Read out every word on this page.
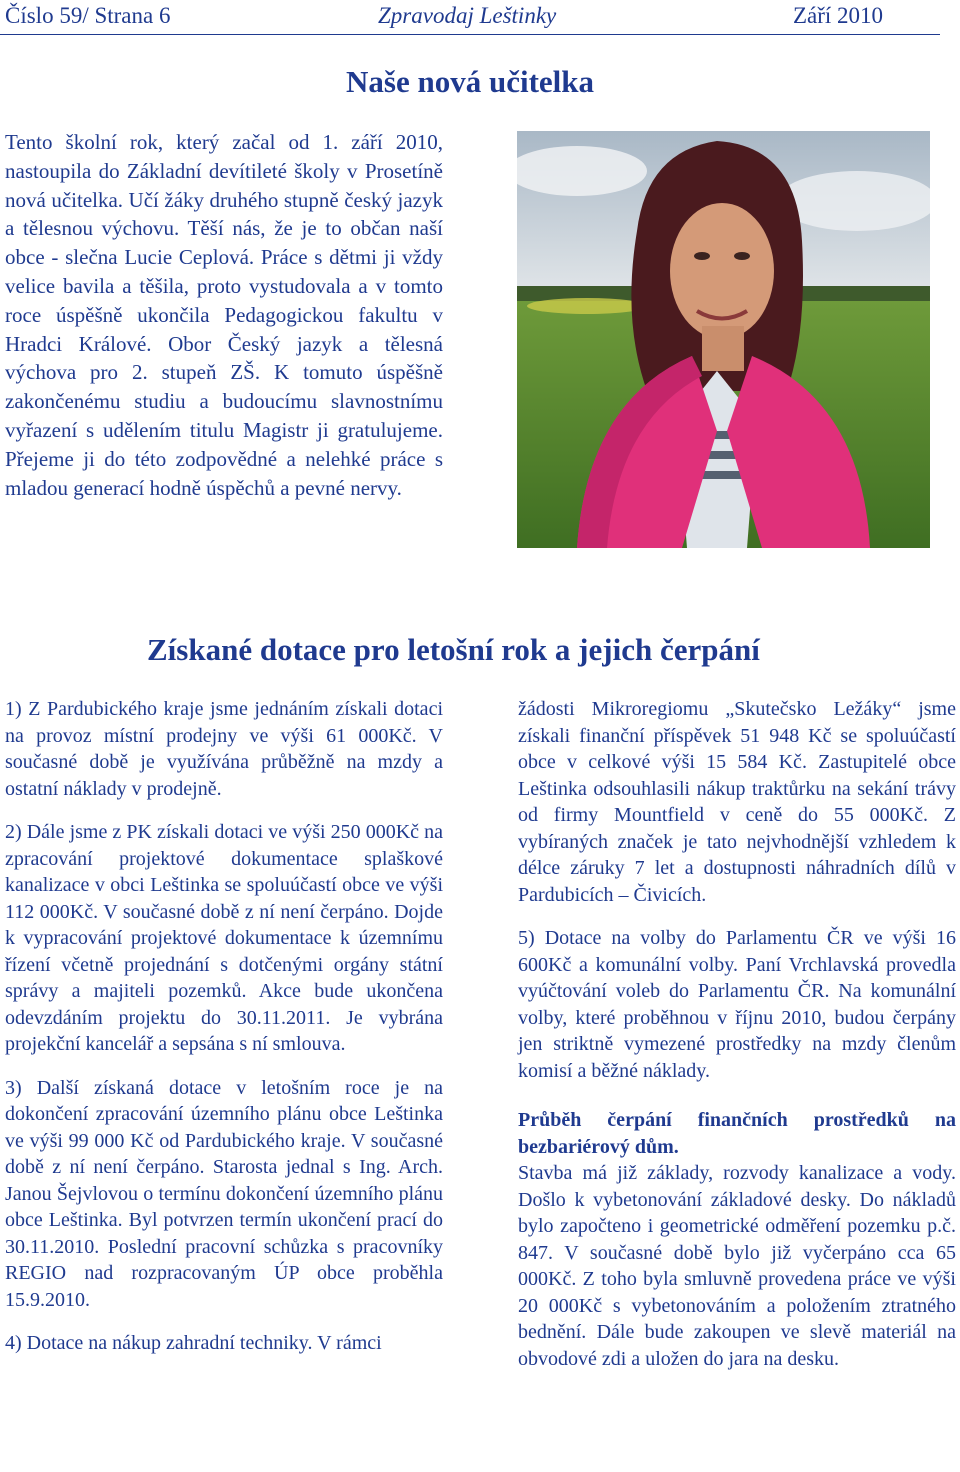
Číslo 59/ Strana 6	Zpravodaj Leštinky	Září 2010
Naše nová učitelka

Tento školní rok, který začal od 1. září 2010, nastoupila do Základní devítileté školy v Prosetíně nová učitelka. Učí žáky druhého stupně český jazyk a tělesnou výchovu. Těší nás, že je to občan naší obce - slečna Lucie Ceplová. Práce s dětmi ji vždy velice bavila a těšila, proto vystudovala a v tomto roce úspěšně ukončila Pedagogickou fakultu v Hradci Králové. Obor Český jazyk a tělesná výchova pro 2. stupeň ZŠ. K tomuto úspěšně zakončenému studiu a budoucímu slavnostnímu vyřazení s udělením titulu Magistr ji gratulujeme. Přejeme ji do této zodpovědné a nelehké práce s mladou generací hodně úspěchů a pevné nervy.

Získané dotace pro letošní rok a jejich čerpání

1) Z Pardubického kraje jsme jednáním získali dotaci na provoz místní prodejny ve výši 61 000Kč. V současné době je využívána průběžně na mzdy a ostatní náklady v prodejně.

2) Dále jsme z PK získali dotaci ve výši 250 000Kč na zpracování projektové dokumentace splaškové kanalizace v obci Leštinka se spoluúčastí obce ve výši 112 000Kč. V současné době z ní není čerpáno. Dojde k vypracování projektové dokumentace k územnímu řízení včetně projednání s dotčenými orgány státní správy a majiteli pozemků. Akce bude ukončena odevzdáním projektu do 30.11.2011. Je vybrána projekční kancelář a sepsána s ní smlouva.

3) Další získaná dotace v letošním roce je na dokončení zpracování územního plánu obce Leštinka ve výši 99 000 Kč od Pardubického kraje. V současné době z ní není čerpáno. Starosta jednal s Ing. Arch. Janou Šejvlovou o termínu dokončení územního plánu obce Leštinka. Byl potvrzen termín ukončení prací do 30.11.2010. Poslední pracovní schůzka s pracovníky REGIO nad rozpracovaným ÚP obce proběhla 15.9.2010.

4) Dotace na nákup zahradní techniky. V rámci

žádosti Mikroregiomu „Skutečsko Ležáky“ jsme získali finanční příspěvek 51 948 Kč se spoluúčastí obce v celkové výši 15 584 Kč. Zastupitelé obce Leštinka odsouhlasili nákup traktůrku na sekání trávy od firmy Mountfield v ceně do 55 000Kč. Z vybíraných značek je tato nejvhodnější vzhledem k délce záruky 7 let a dostupnosti náhradních dílů v Pardubicích – Čivicích.

5) Dotace na volby do Parlamentu ČR ve výši 16 600Kč a komunální volby. Paní Vrchlavská provedla vyúčtování voleb do Parlamentu ČR. Na komunální volby, které proběhnou v říjnu 2010, budou čerpány jen striktně vymezené prostředky na mzdy členům komisí a běžné náklady.

Průběh čerpání finančních prostředků na bezbariérový dům.

Stavba má již základy, rozvody kanalizace a vody. Došlo k vybetonování základové desky. Do nákladů bylo započteno i geometrické odměření pozemku p.č. 847. V současné době bylo již vyčerpáno cca 65 000Kč. Z toho byla smluvně provedena práce ve výši 20 000Kč s vybetonováním a položením ztratného bednění. Dále bude zakoupen ve slevě materiál na obvodové zdi a uložen do jara na desku.
